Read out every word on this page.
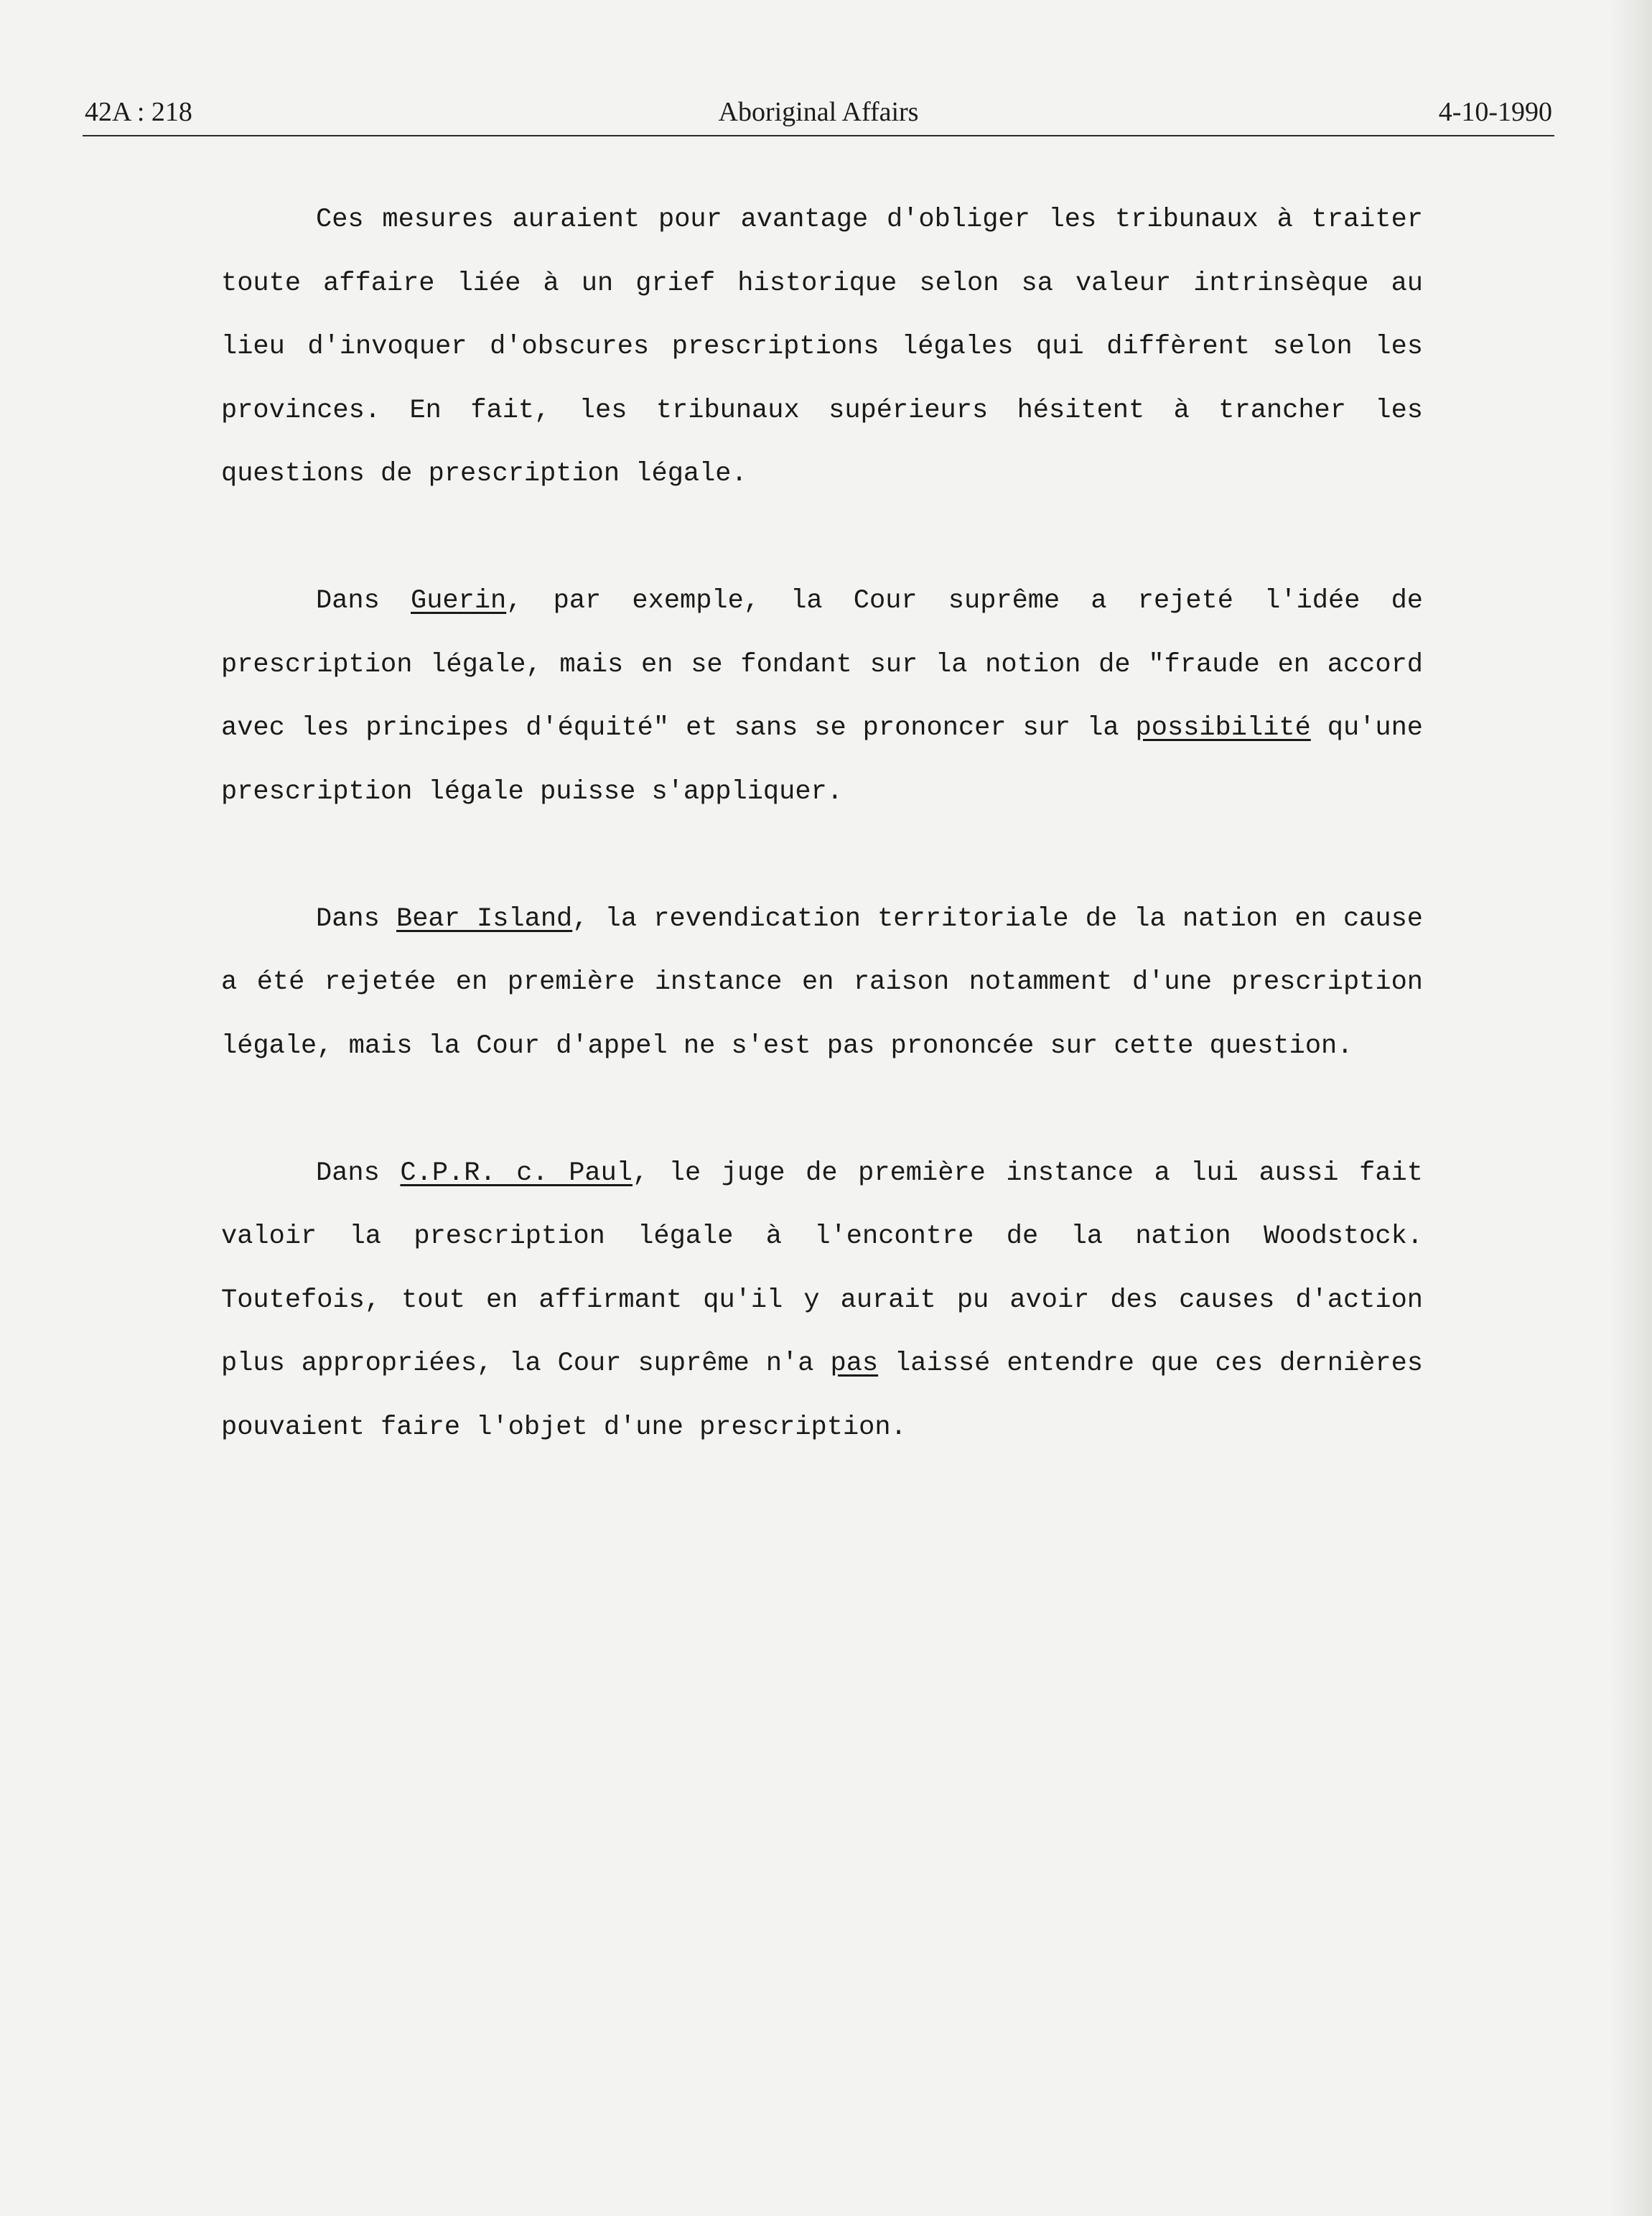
42A : 218	Aboriginal Affairs	4-10-1990

Ces mesures auraient pour avantage d'obliger les tribunaux à traiter toute affaire liée à un grief historique selon sa valeur intrinsèque au lieu d'invoquer d'obscures prescriptions légales qui diffèrent selon les provinces. En fait, les tribunaux supérieurs hésitent à trancher les questions de prescription légale.

Dans Guerin, par exemple, la Cour suprême a rejeté l'idée de prescription légale, mais en se fondant sur la notion de "fraude en accord avec les principes d'équité" et sans se prononcer sur la possibilité qu'une prescription légale puisse s'appliquer.

Dans Bear Island, la revendication territoriale de la nation en cause a été rejetée en première instance en raison notamment d'une prescription légale, mais la Cour d'appel ne s'est pas prononcée sur cette question.

Dans C.P.R. c. Paul, le juge de première instance a lui aussi fait valoir la prescription légale à l'encontre de la nation Woodstock. Toutefois, tout en affirmant qu'il y aurait pu avoir des causes d'action plus appropriées, la Cour suprême n'a pas laissé entendre que ces dernières pouvaient faire l'objet d'une prescription.
